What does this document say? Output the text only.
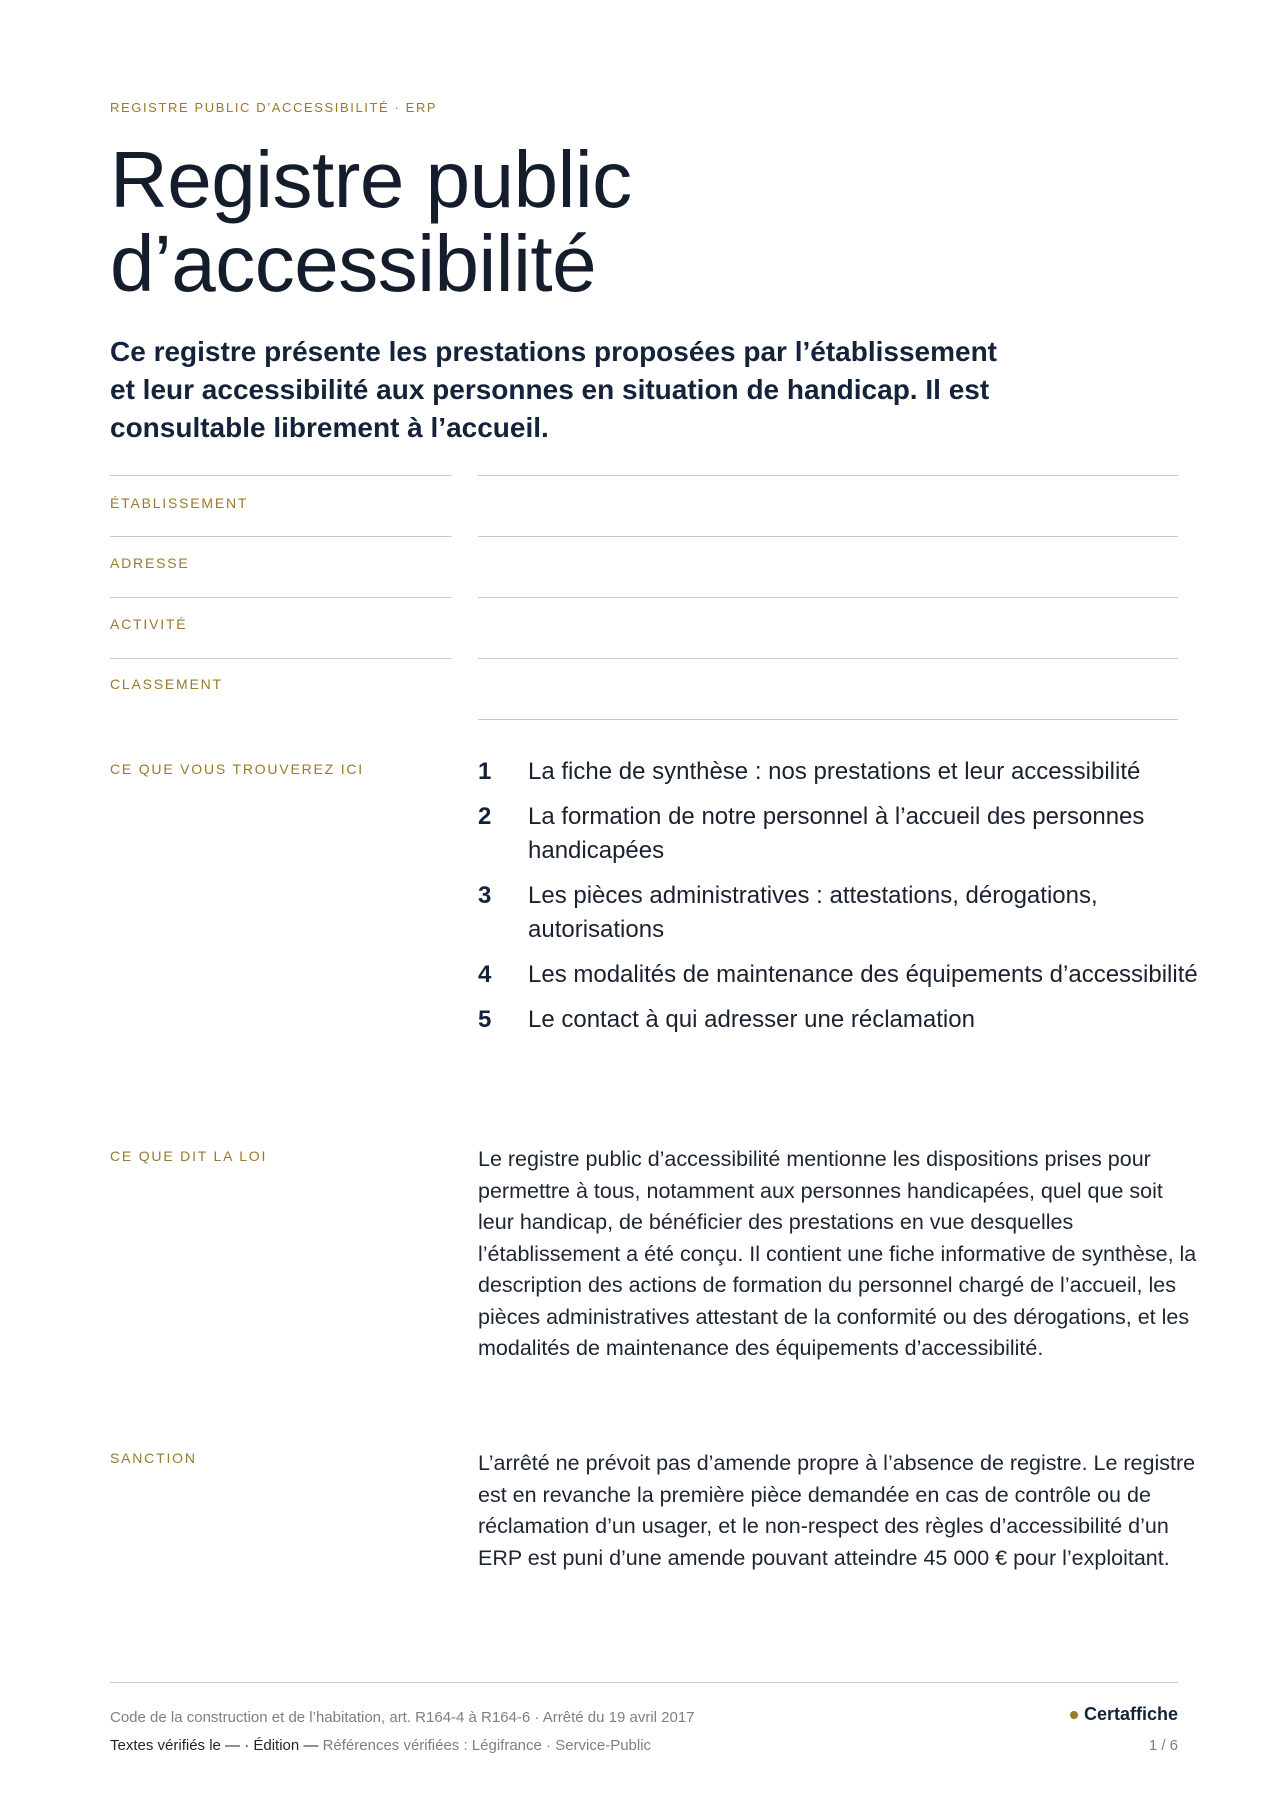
REGISTRE PUBLIC D’ACCESSIBILITÉ · ERP
Registre public
d’accessibilité

Ce registre présente les prestations proposées par l’établissement et leur accessibilité aux personnes en situation de handicap. Il est consultable librement à l’accueil.

ÉTABLISSEMENT
ADRESSE
ACTIVITÉ
CLASSEMENT
CE QUE VOUS TROUVEREZ ICI	1 La fiche de synthèse : nos prestations et leur accessibilité
2 La formation de notre personnel à l’accueil des personnes handicapées
3 Les pièces administratives : attestations, dérogations, autorisations
4 Les modalités de maintenance des équipements d’accessibilité
5 Le contact à qui adresser une réclamation
CE QUE DIT LA LOI	Le registre public d’accessibilité mentionne les dispositions prises pour permettre à tous, notamment aux personnes handicapées, quel que soit leur handicap, de bénéficier des prestations en vue desquelles l’établissement a été conçu. Il contient une fiche informative de synthèse, la description des actions de formation du personnel chargé de l’accueil, les pièces administratives attestant de la conformité ou des dérogations, et les modalités de maintenance des équipements d’accessibilité.

SANCTION	L’arrêté ne prévoit pas d’amende propre à l’absence de registre. Le registre est en revanche la première pièce demandée en cas de contrôle ou de réclamation d’un usager, et le non-respect des règles d’accessibilité d’un ERP est puni d’une amende pouvant atteindre 45 000 € pour l’exploitant.

Code de la construction et de l’habitation, art. R164-4 à R164-6 · Arrêté du 19 avril 2017
Textes vérifiés le — · Édition — Références vérifiées : Légifrance · Service-Public
Certaffiche
1 / 6
